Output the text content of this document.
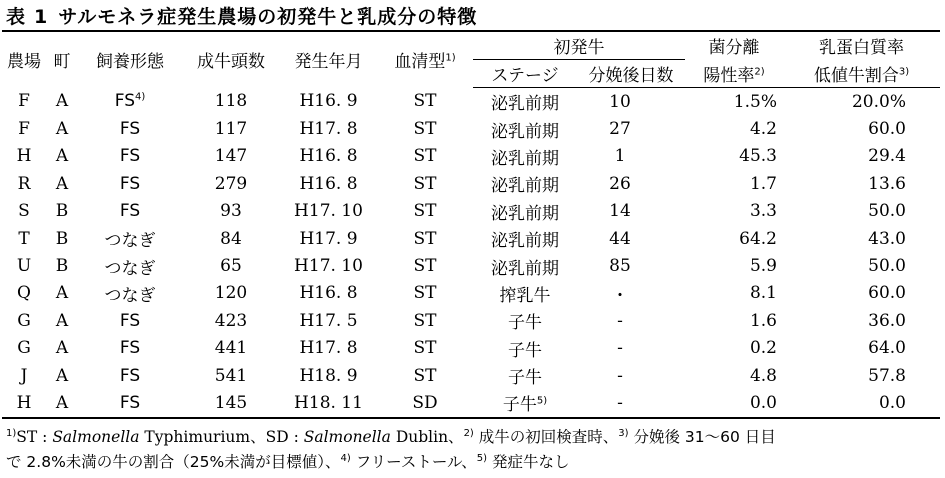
表 1 サルモネラ症発生農場の初発牛と乳成分の特徴
農場	町	飼養形態	成牛頭数	発生年月	血清型$^{1)}$	初発牛		菌分離	乳蛋白質率
						ステージ	分娩後日数	陽性率$^{2)}$	低値牛割合$^{3)}$
F	A	FS$^{4)}$	118	H16. 9	ST	泌乳前期	10	1.5%	20.0%
F	A	FS	117	H17. 8	ST	泌乳前期	27	4.2	60.0
H	A	FS	147	H16. 8	ST	泌乳前期	1	45.3	29.4
R	A	FS	279	H16. 8	ST	泌乳前期	26	1.7	13.6
S	B	FS	93	H17. 10	ST	泌乳前期	14	3.3	50.0
T	B	つなぎ	84	H17. 9	ST	泌乳前期	44	64.2	43.0
U	B	つなぎ	65	H17. 10	ST	泌乳前期	85	5.9	50.0
Q	A	つなぎ	120	H16. 8	ST	搾乳牛	・	8.1	60.0
G	A	FS	423	H17. 5	ST	子牛	-	1.6	36.0
G	A	FS	441	H17. 8	ST	子牛	-	0.2	64.0
J	A	FS	541	H18. 9	ST	子牛	-	4.8	57.8
H	A	FS	145	H18. 11	SD	子牛$^{5)}$	-	0.0	0.0
$^{1)}$ST : Salmonella Typhimurium、SD : Salmonella Dublin、$^{2)}$ 成牛の初回検査時、$^{3)}$ 分娩後 31～60 日目
で 2.8%未満の牛の割合（25%未満が目標値）、$^{4)}$ フリーストール、$^{5)}$ 発症牛なし
